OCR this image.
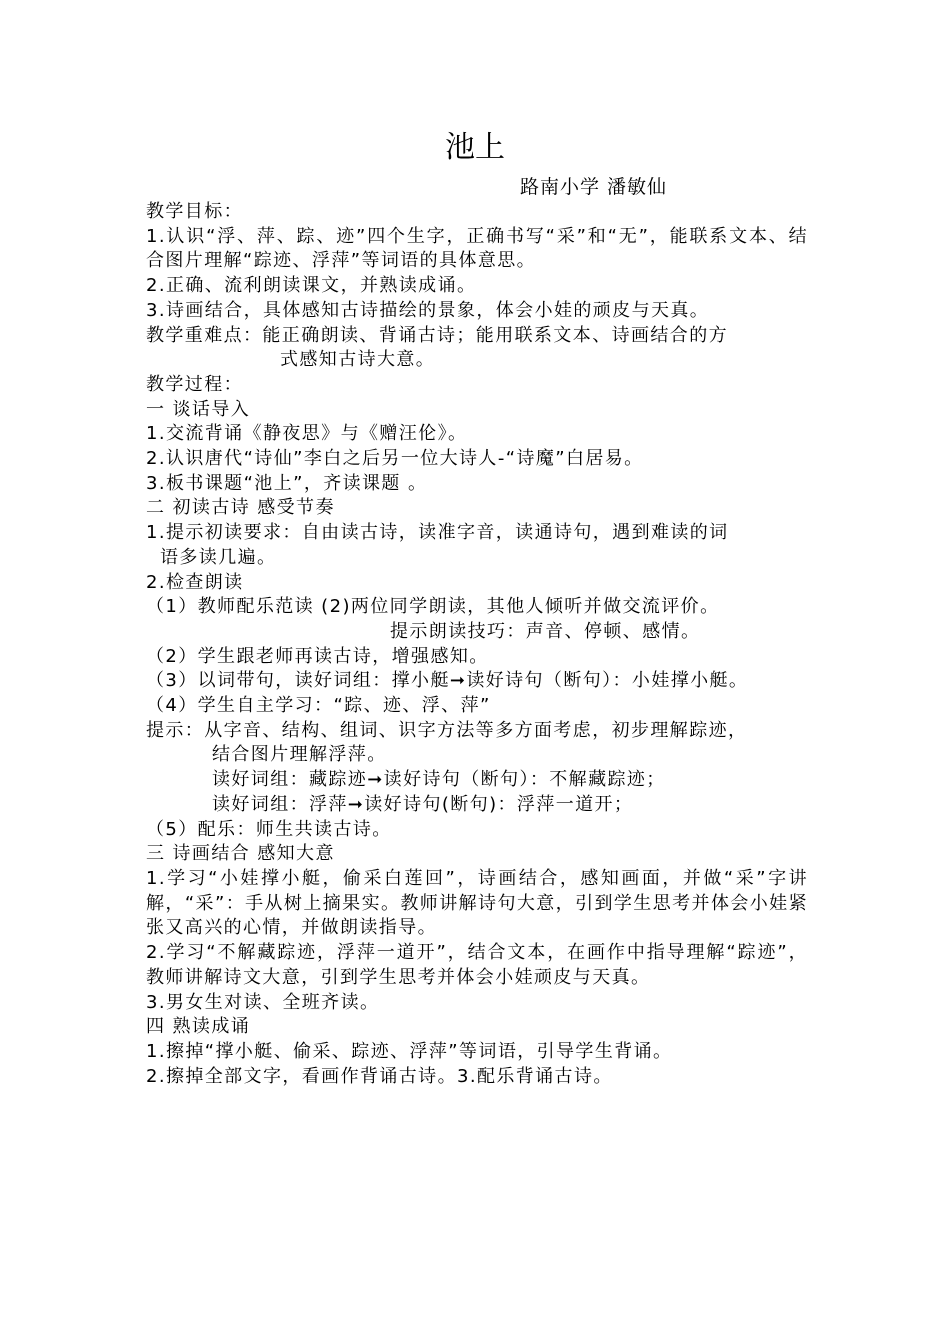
池上
路南小学 潘敏仙
教学目标：
1.认识“浮、萍、踪、迹”四个生字，正确书写“采”和“无”，能联系文本、结合图片理解“踪迹、浮萍”等词语的具体意思。
2.正确、流利朗读课文，并熟读成诵。
3.诗画结合，具体感知古诗描绘的景象，体会小娃的顽皮与天真。
教学重难点：能正确朗读、背诵古诗；能用联系文本、诗画结合的方
式感知古诗大意。
教学过程：
一 谈话导入
1.交流背诵《静夜思》与《赠汪伦》。
2.认识唐代“诗仙”李白之后另一位大诗人-“诗魔”白居易。
3.板书课题“池上”，齐读课题 。
二 初读古诗 感受节奏
1.提示初读要求：自由读古诗，读准字音，读通诗句，遇到难读的词
语多读几遍。
2.检查朗读
（1）教师配乐范读 (2)两位同学朗读，其他人倾听并做交流评价。
提示朗读技巧：声音、停顿、感情。
（2）学生跟老师再读古诗，增强感知。
（3）以词带句，读好词组：撑小艇➞读好诗句（断句）：小娃撑小艇。
（4）学生自主学习：“踪、迹、浮、萍”
提示：从字音、结构、组词、识字方法等多方面考虑，初步理解踪迹，
结合图片理解浮萍。
读好词组：藏踪迹➞读好诗句（断句）：不解藏踪迹；
读好词组：浮萍➞读好诗句(断句)：浮萍一道开；
（5）配乐：师生共读古诗。
三 诗画结合 感知大意
1.学习“小娃撑小艇，偷采白莲回”，诗画结合，感知画面，并做“采”字讲解，“采”：手从树上摘果实。教师讲解诗句大意，引到学生思考并体会小娃紧张又高兴的心情，并做朗读指导。
2.学习“不解藏踪迹，浮萍一道开”，结合文本，在画作中指导理解“踪迹”，教师讲解诗文大意，引到学生思考并体会小娃顽皮与天真。
3.男女生对读、全班齐读。
四 熟读成诵
1.擦掉“撑小艇、偷采、踪迹、浮萍”等词语，引导学生背诵。
2.擦掉全部文字，看画作背诵古诗。3.配乐背诵古诗。
